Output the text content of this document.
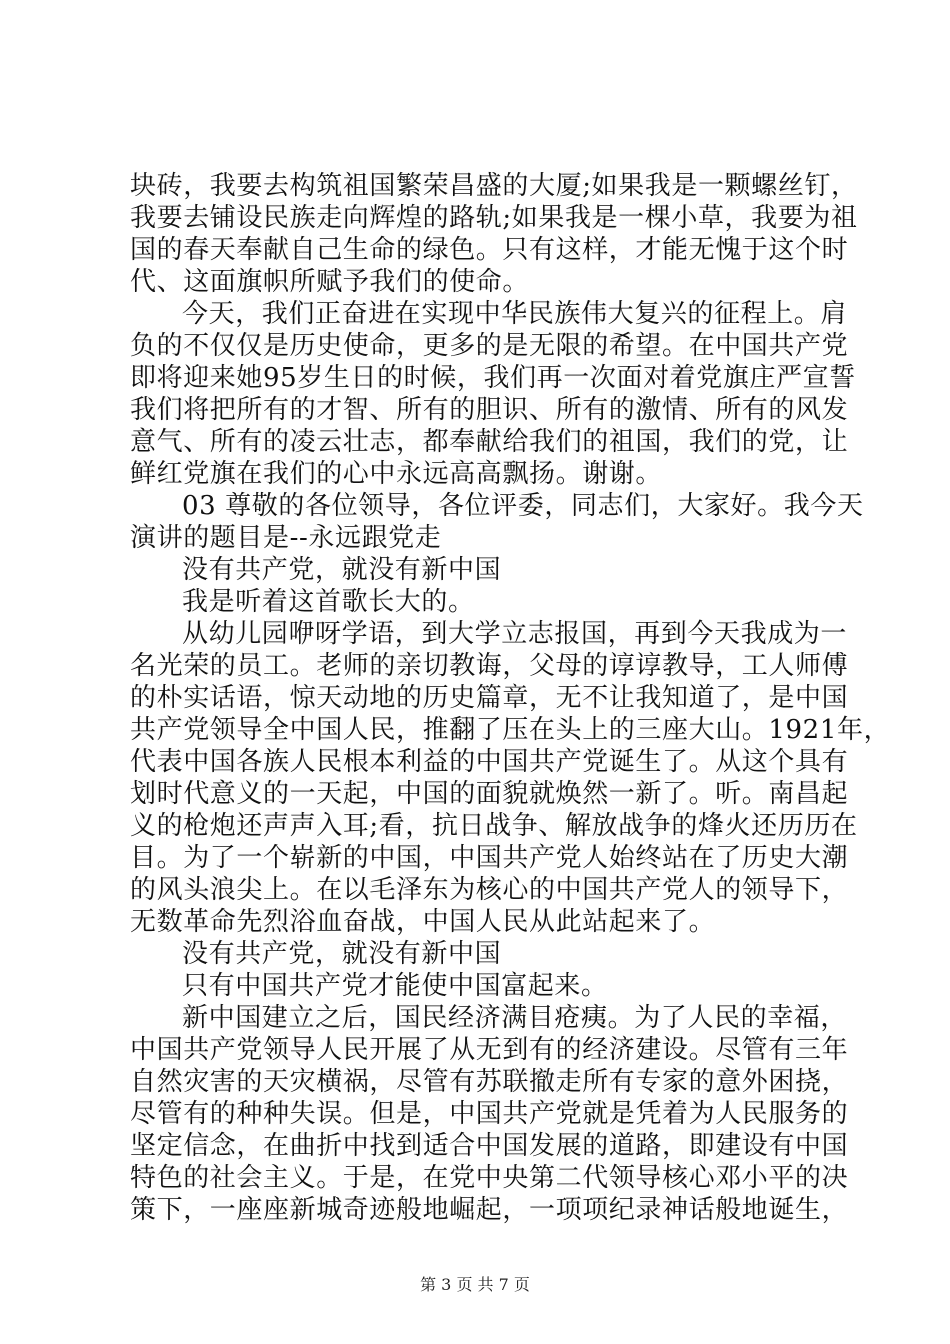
块砖，我要去构筑祖国繁荣昌盛的大厦;如果我是一颗螺丝钉，
我要去铺设民族走向辉煌的路轨;如果我是一棵小草，我要为祖
国的春天奉献自己生命的绿色。只有这样，才能无愧于这个时
代、这面旗帜所赋予我们的使命。
今天，我们正奋进在实现中华民族伟大复兴的征程上。肩
负的不仅仅是历史使命，更多的是无限的希望。在中国共产党
即将迎来她95岁生日的时候，我们再一次面对着党旗庄严宣誓
我们将把所有的才智、所有的胆识、所有的激情、所有的风发
意气、所有的凌云壮志，都奉献给我们的祖国，我们的党，让
鲜红党旗在我们的心中永远高高飘扬。谢谢。
03 尊敬的各位领导，各位评委，同志们，大家好。我今天
演讲的题目是--永远跟党走
没有共产党，就没有新中国
我是听着这首歌长大的。
从幼儿园咿呀学语，到大学立志报国，再到今天我成为一
名光荣的员工。老师的亲切教诲，父母的谆谆教导，工人师傅
的朴实话语，惊天动地的历史篇章，无不让我知道了，是中国
共产党领导全中国人民，推翻了压在头上的三座大山。1921年，
代表中国各族人民根本利益的中国共产党诞生了。从这个具有
划时代意义的一天起，中国的面貌就焕然一新了。听。南昌起
义的枪炮还声声入耳;看，抗日战争、解放战争的烽火还历历在
目。为了一个崭新的中国，中国共产党人始终站在了历史大潮
的风头浪尖上。在以毛泽东为核心的中国共产党人的领导下，
无数革命先烈浴血奋战，中国人民从此站起来了。
没有共产党，就没有新中国
只有中国共产党才能使中国富起来。
新中国建立之后，国民经济满目疮痍。为了人民的幸福，
中国共产党领导人民开展了从无到有的经济建设。尽管有三年
自然灾害的天灾横祸，尽管有苏联撤走所有专家的意外困挠，
尽管有的种种失误。但是，中国共产党就是凭着为人民服务的
坚定信念，在曲折中找到适合中国发展的道路，即建设有中国
特色的社会主义。于是，在党中央第二代领导核心邓小平的决
策下，一座座新城奇迹般地崛起，一项项纪录神话般地诞生，
第 3 页 共 7 页
